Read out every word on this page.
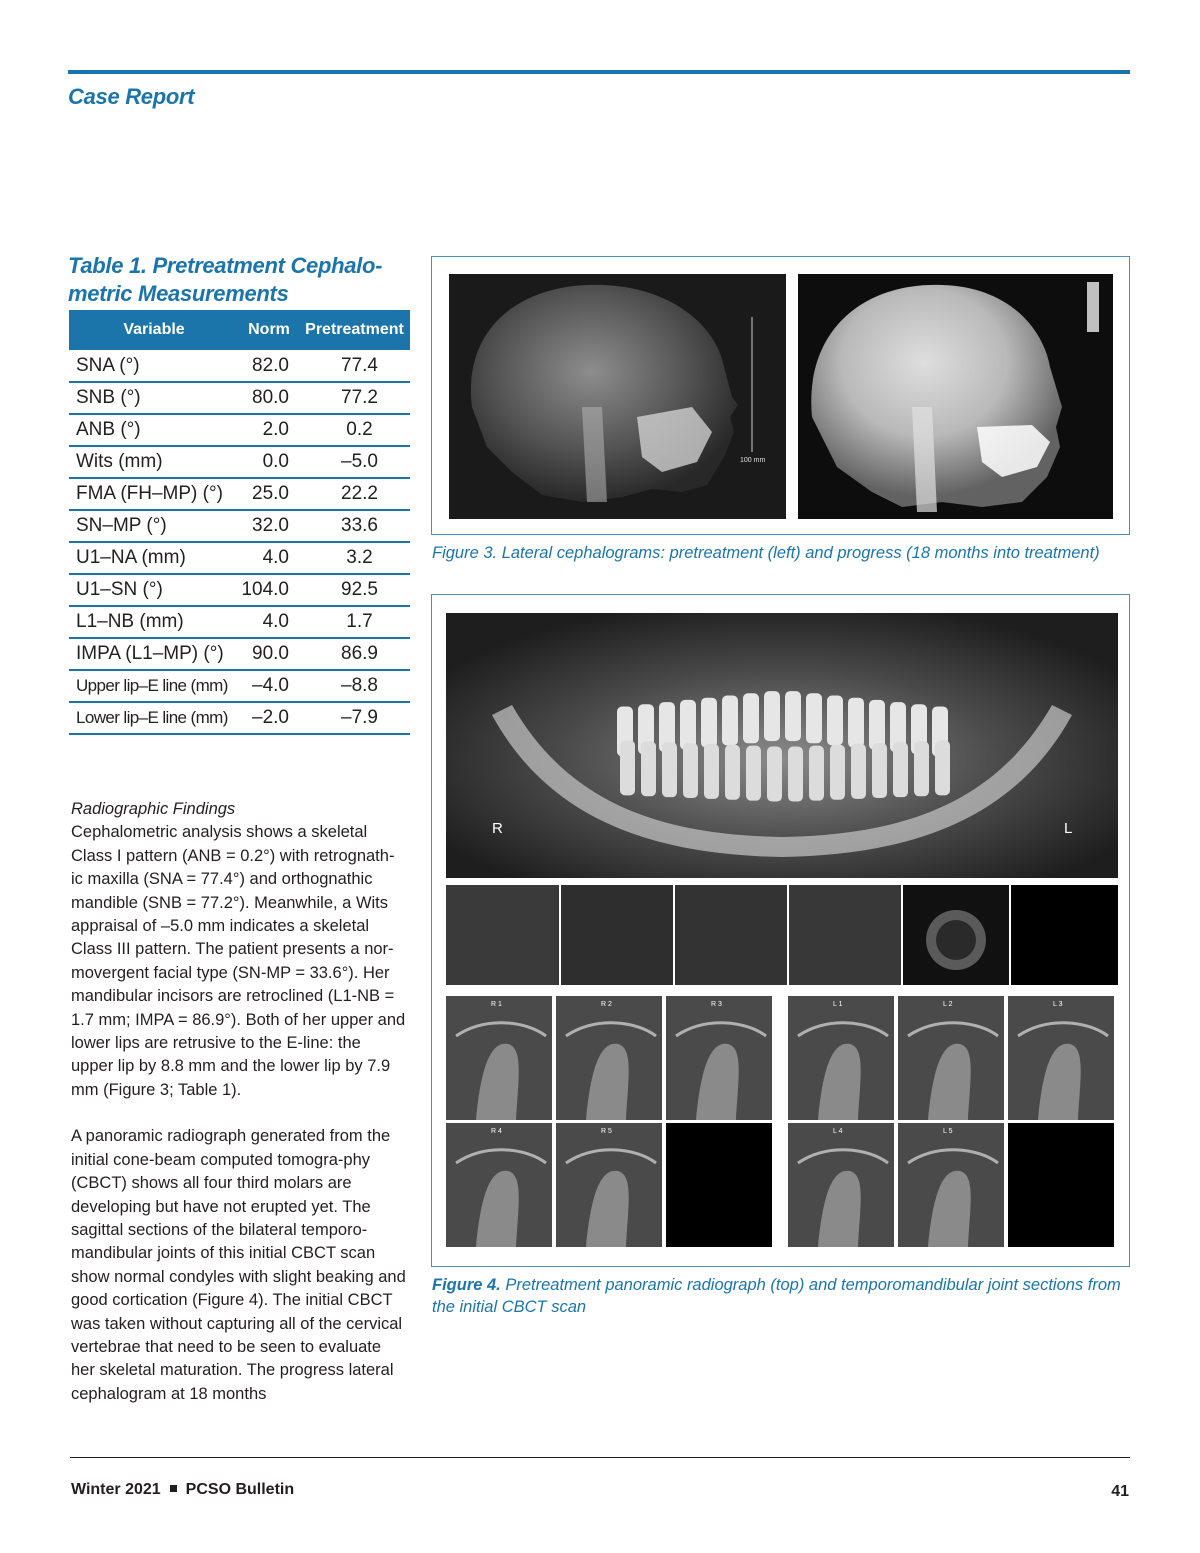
Case Report
Table 1. Pretreatment Cephalo-metric Measurements
Variable	Norm	Pretreatment
SNA (°)	82.0	77.4
SNB (°)	80.0	77.2
ANB (°)	2.0	0.2
Wits (mm)	0.0	–5.0
FMA (FH–MP) (°)	25.0	22.2
SN–MP (°)	32.0	33.6
U1–NA (mm)	4.0	3.2
U1–SN (°)	104.0	92.5
L1–NB (mm)	4.0	1.7
IMPA (L1–MP) (°)	90.0	86.9
Upper lip–E line (mm)	–4.0	–8.8
Lower lip–E line (mm)	–2.0	–7.9
Radiographic Findings
Cephalometric analysis shows a skeletal Class I pattern (ANB = 0.2°) with retrognath-ic maxilla (SNA = 77.4°) and orthognathic mandible (SNB = 77.2°). Meanwhile, a Wits appraisal of –5.0 mm indicates a skeletal Class III pattern. The patient presents a nor-movergent facial type (SN-MP = 33.6°). Her mandibular incisors are retroclined (L1-NB = 1.7 mm; IMPA = 86.9°). Both of her upper and lower lips are retrusive to the E-line: the upper lip by 8.8 mm and the lower lip by 7.9 mm (Figure 3; Table 1).
A panoramic radiograph generated from the initial cone-beam computed tomogra-phy (CBCT) shows all four third molars are developing but have not erupted yet. The sagittal sections of the bilateral temporo-mandibular joints of this initial CBCT scan show normal condyles with slight beaking and good cortication (Figure 4). The initial CBCT was taken without capturing all of the cervical vertebrae that need to be seen to evaluate her skeletal maturation. The progress lateral cephalogram at 18 months
100 mm
Figure 3. Lateral cephalograms: pretreatment (left) and progress (18 months into treatment)
R	L
R 1	R 2	R 3	L 1	L 2	L 3
R 4	R 5	L 4	L 5
Figure 4. Pretreatment panoramic radiograph (top) and temporomandibular joint sections from the initial CBCT scan
Winter 2021 PCSO Bulletin	41
